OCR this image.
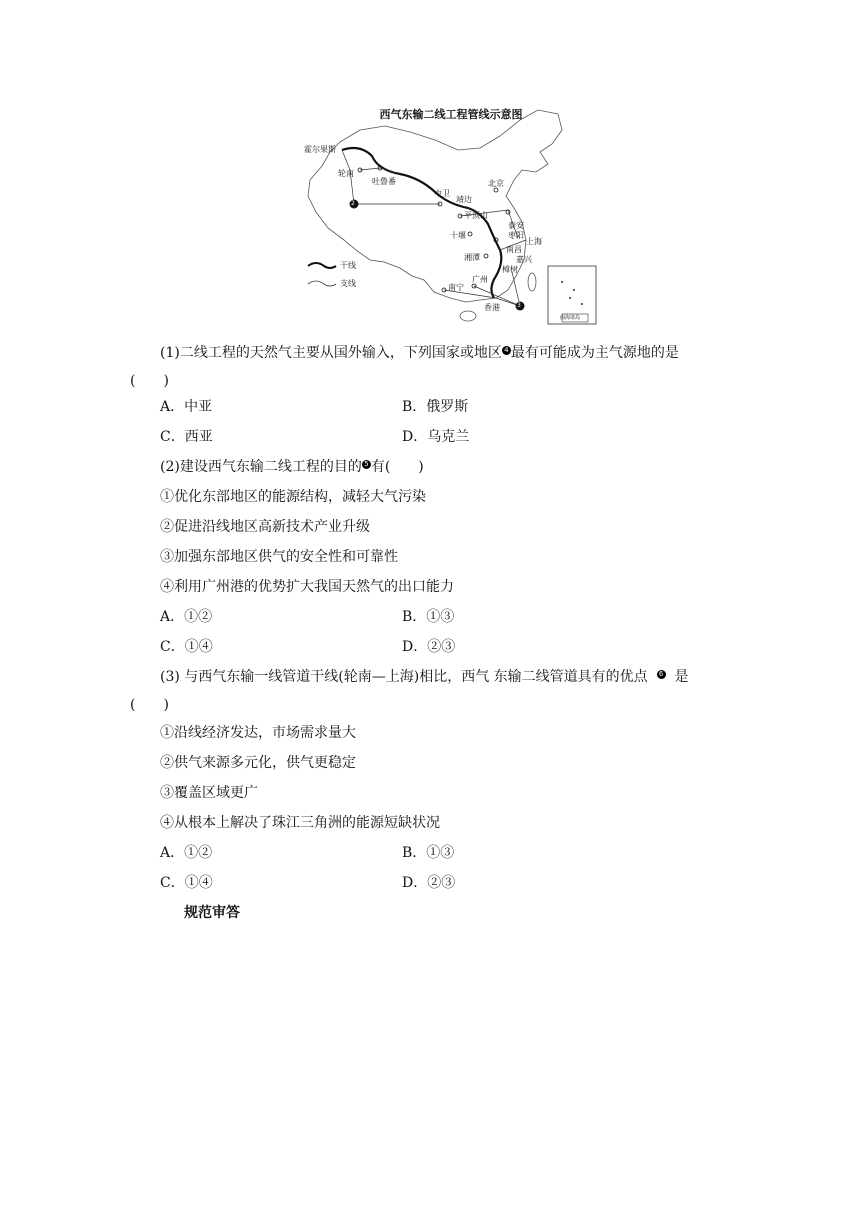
西气东输二线工程管线示意图
霍尔果斯
轮南
吐鲁番
中卫
靖边
北京
平顶山
泰安
枣阳
十堰
上海
南昌
湘潭	嘉兴
樟树
广州
南宁
香港
南海诸岛
2
3
干线
支线
(1)二线工程的天然气主要从国外输入，下列国家或地区 4 最有可能成为主气源地的是
(　　)
A．中亚	B．俄罗斯
C．西亚	D．乌克兰
(2)建设西气东输二线工程的目的 5 有(　　)
①优化东部地区的能源结构，减轻大气污染
②促进沿线地区高新技术产业升级
③加强东部地区供气的安全性和可靠性
④利用广州港的优势扩大我国天然气的出口能力
A．①②	B．①③
C．①④	D．②③
(3) 与西气东输一线管道干线(轮南—上海)相比，西气 东输二线管道具有的优点 6 是
(　　)
①沿线经济发达，市场需求量大
②供气来源多元化，供气更稳定
③覆盖区域更广
④从根本上解决了珠江三角洲的能源短缺状况
A．①②	B．①③
C．①④	D．②③
规范审答
